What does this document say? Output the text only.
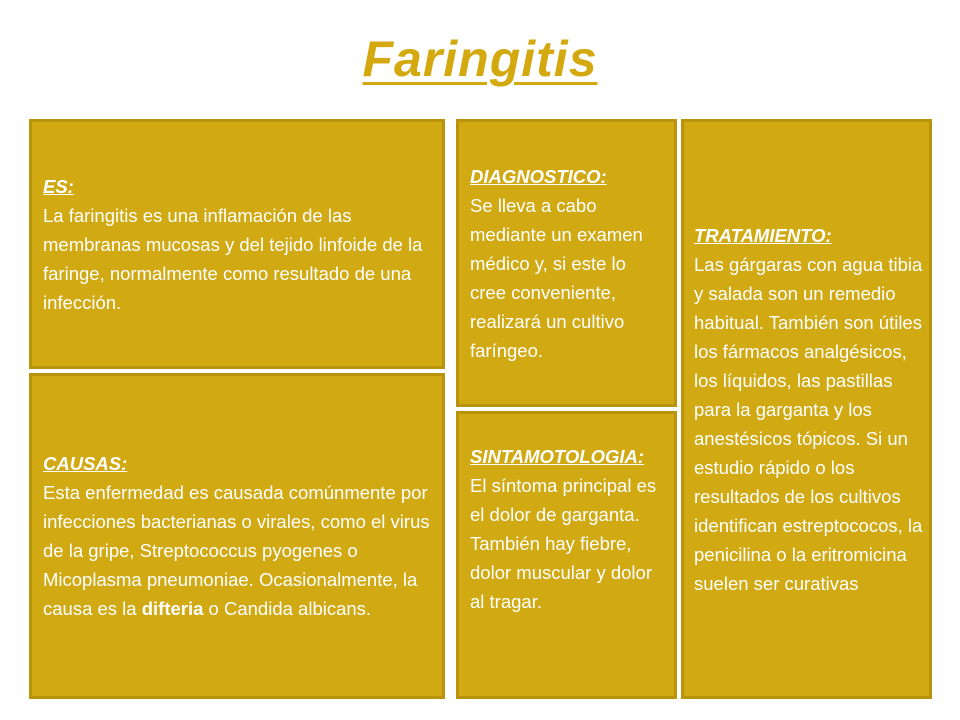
Faringitis
ES:
La faringitis es una inflamación de las membranas mucosas y del tejido linfoide de la faringe, normalmente como resultado de una infección.
CAUSAS:
Esta enfermedad es causada comúnmente por infecciones bacterianas o virales, como el virus de la gripe, Streptococcus pyogenes o Micoplasma pneumoniae. Ocasionalmente, la causa es la difteria o Candida albicans.
DIAGNOSTICO:
Se lleva a cabo mediante un examen médico y, si este lo cree conveniente, realizará un cultivo faríngeo.
SINTAMOTOLOGIA:
El síntoma principal es el dolor de garganta. También hay fiebre, dolor muscular y dolor al tragar.
TRATAMIENTO:
Las gárgaras con agua tibia y salada son un remedio habitual. También son útiles los fármacos analgésicos, los líquidos, las pastillas para la garganta y los anestésicos tópicos. Si un estudio rápido o los resultados de los cultivos identifican estreptococos, la penicilina o la eritromicina suelen ser curativas
